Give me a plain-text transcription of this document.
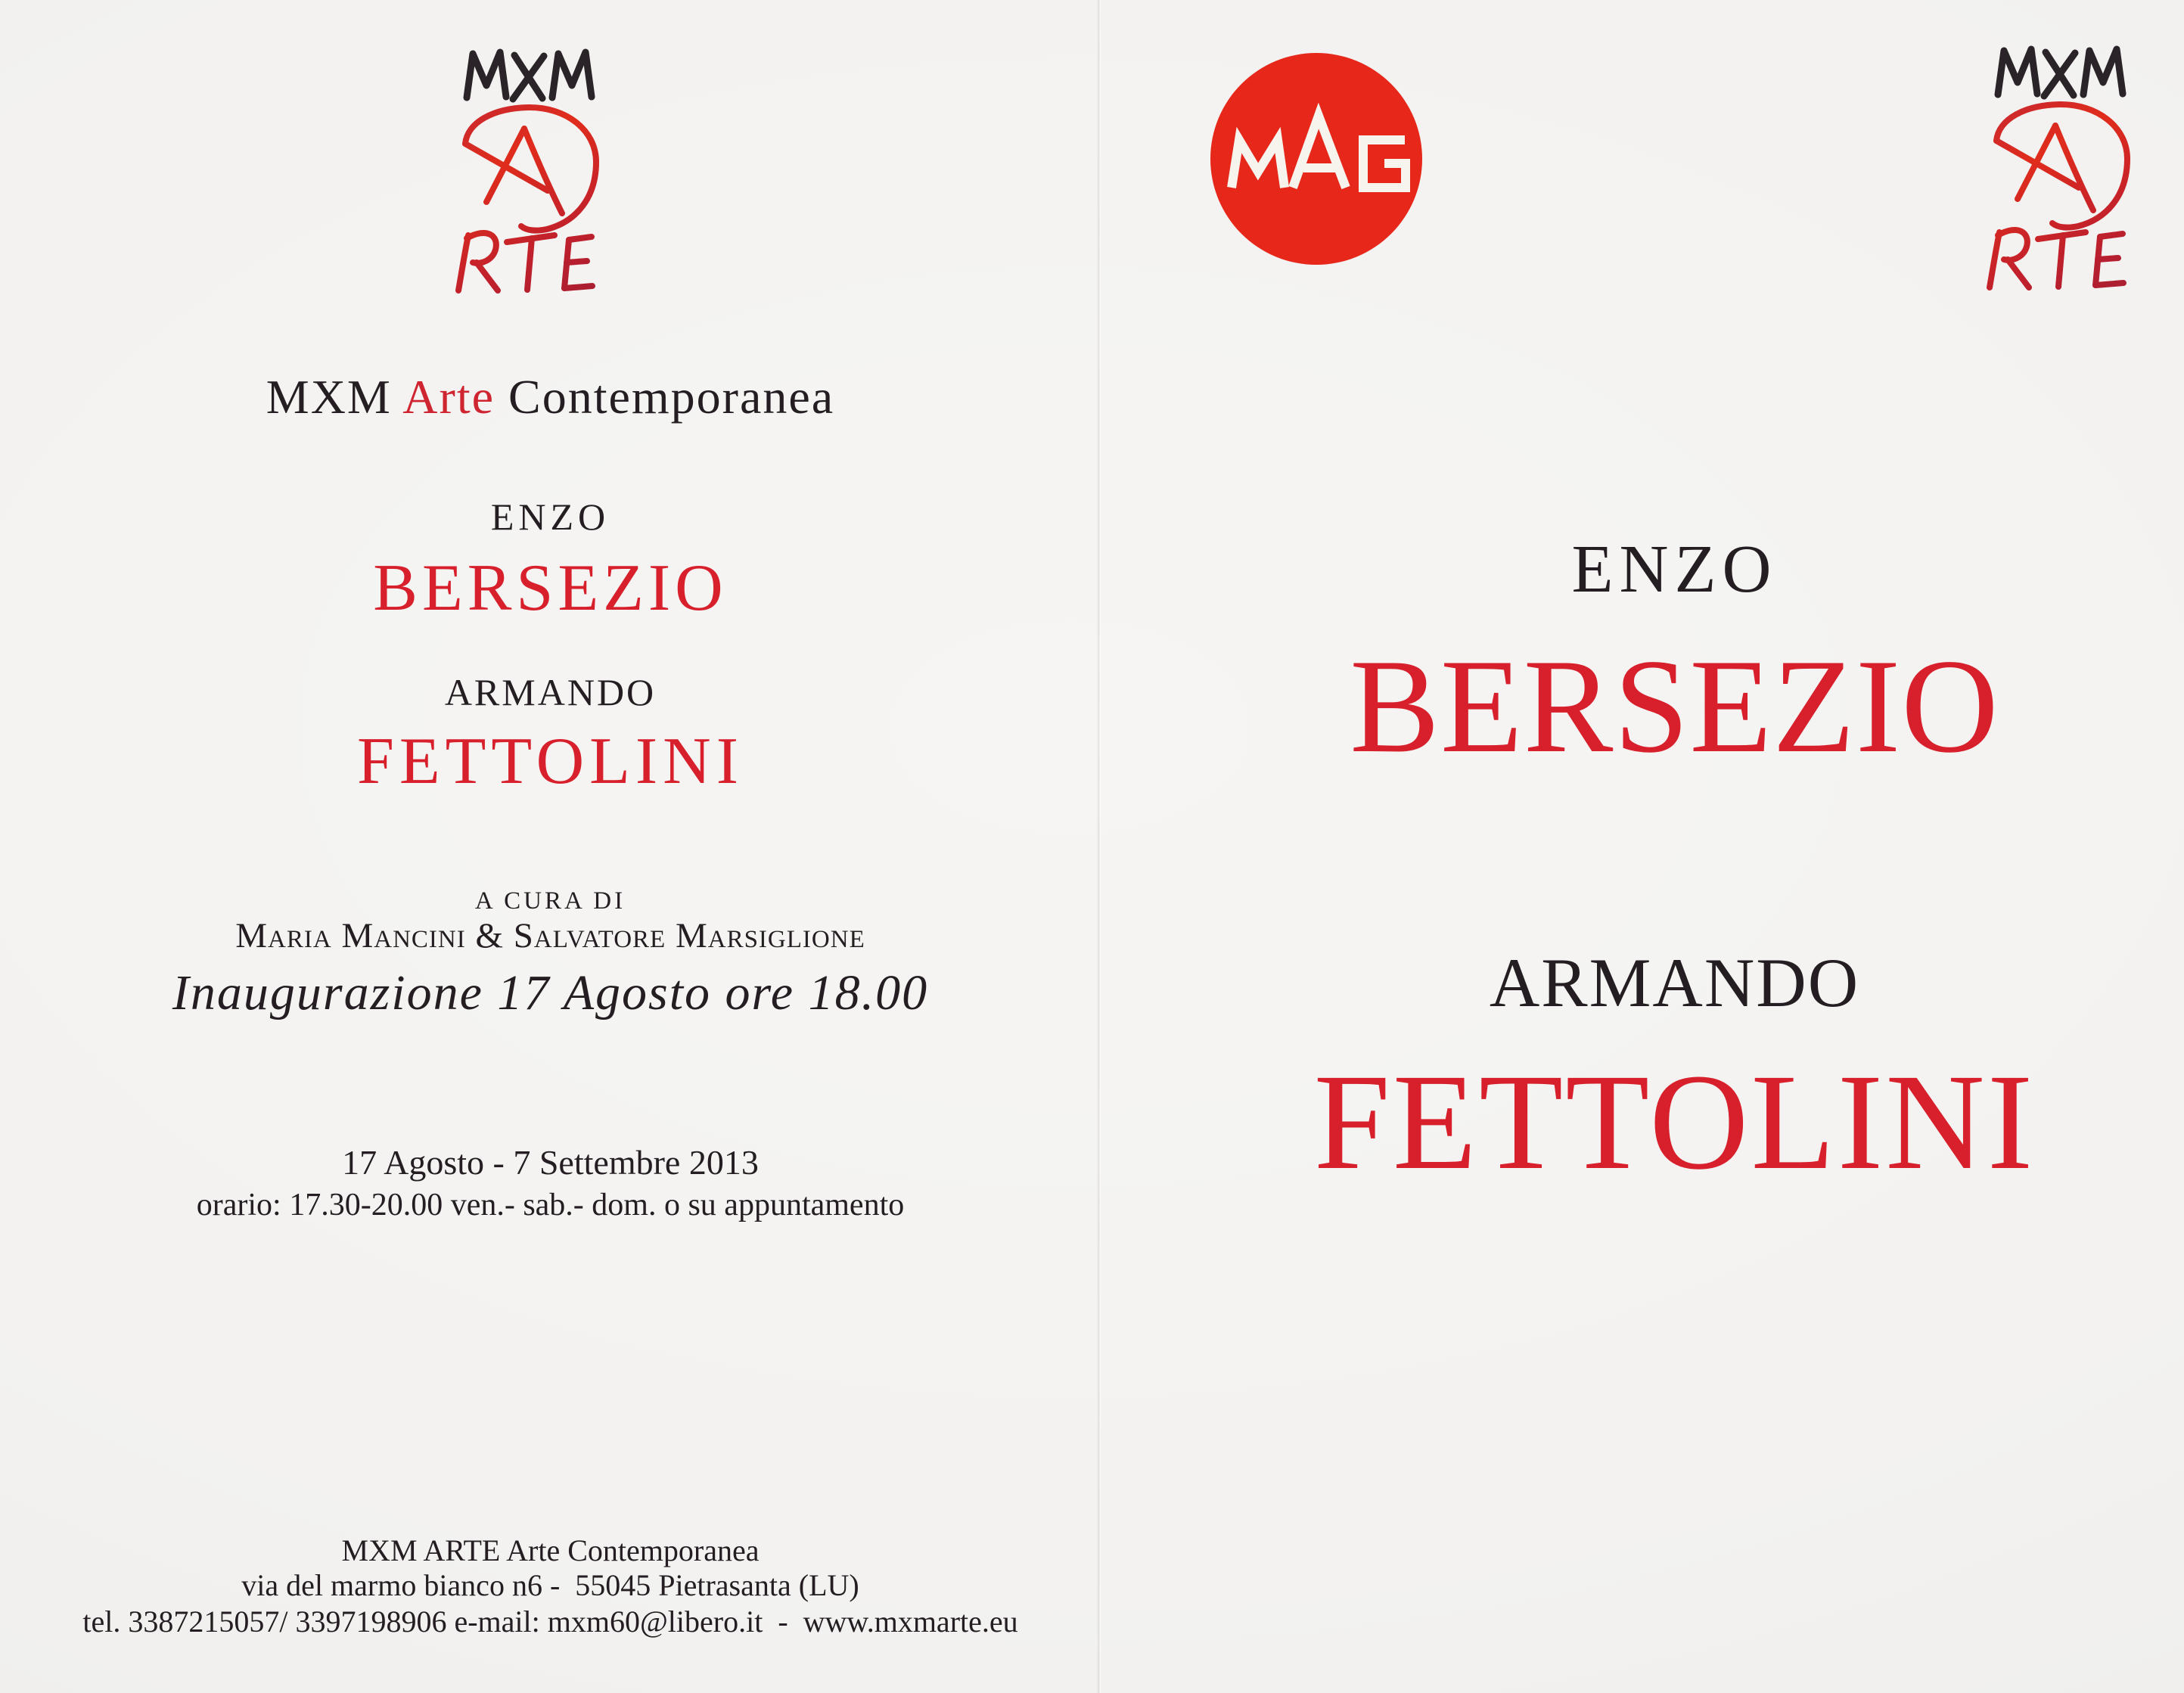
MXM Arte Contemporanea
ENZO
BERSEZIO
ARMANDO
FETTOLINI
A CURA DI
Maria Mancini & Salvatore Marsiglione
Inaugurazione 17 Agosto ore 18.00
17 Agosto - 7 Settembre 2013
orario: 17.30-20.00 ven.- sab.- dom. o su appuntamento
MXM ARTE Arte Contemporanea
via del marmo bianco n6 -  55045 Pietrasanta (LU)
tel. 3387215057/ 3397198906 e-mail: mxm60@libero.it  -  www.mxmarte.eu
ENZO
BERSEZIO
ARMANDO
FETTOLINI
